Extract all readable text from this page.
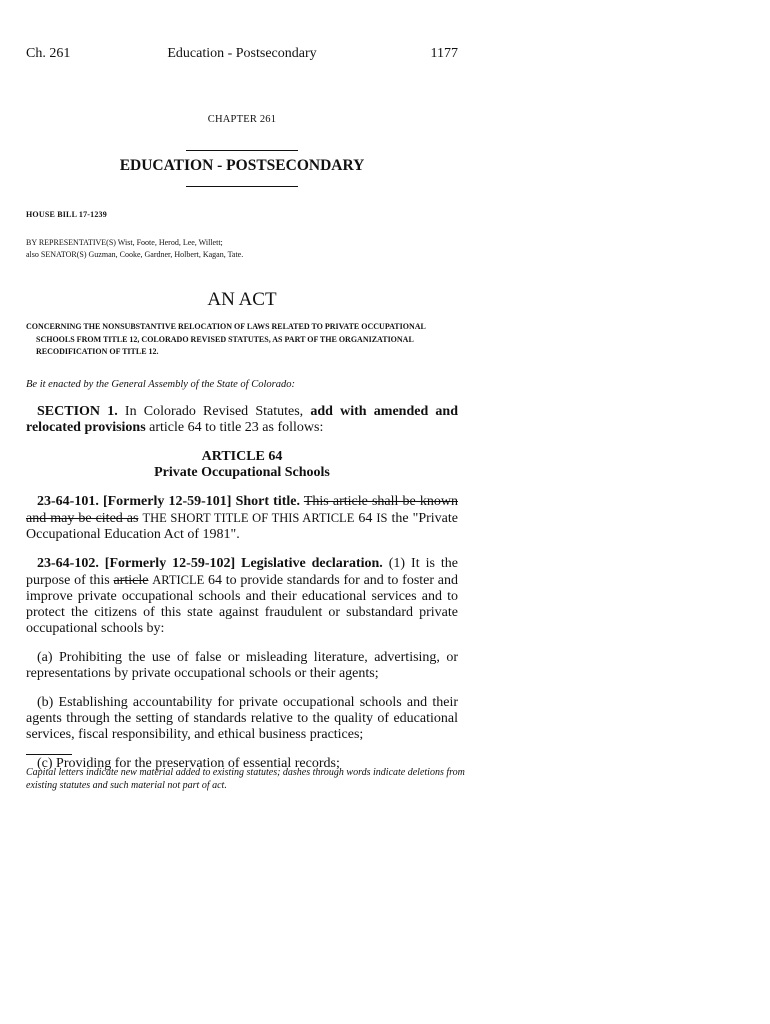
Ch. 261	Education - Postsecondary	1177
CHAPTER 261
EDUCATION - POSTSECONDARY
HOUSE BILL 17-1239
BY REPRESENTATIVE(S) Wist, Foote, Herod, Lee, Willett;
also SENATOR(S) Guzman, Cooke, Gardner, Holbert, Kagan, Tate.
AN ACT
CONCERNING THE NONSUBSTANTIVE RELOCATION OF LAWS RELATED TO PRIVATE OCCUPATIONAL
SCHOOLS FROM TITLE 12, COLORADO REVISED STATUTES, AS PART OF THE ORGANIZATIONAL
RECODIFICATION OF TITLE 12.
Be it enacted by the General Assembly of the State of Colorado:

SECTION 1. In Colorado Revised Statutes, add with amended and relocated provisions article 64 to title 23 as follows:

ARTICLE 64
Private Occupational Schools

23-64-101. [Formerly 12-59-101] Short title. This article shall be known and may be cited as THE SHORT TITLE OF THIS ARTICLE 64 IS the "Private Occupational Education Act of 1981".

23-64-102. [Formerly 12-59-102] Legislative declaration. (1) It is the purpose of this article ARTICLE 64 to provide standards for and to foster and improve private occupational schools and their educational services and to protect the citizens of this state against fraudulent or substandard private occupational schools by:

(a) Prohibiting the use of false or misleading literature, advertising, or representations by private occupational schools or their agents;

(b) Establishing accountability for private occupational schools and their agents through the setting of standards relative to the quality of educational services, fiscal responsibility, and ethical business practices;

(c) Providing for the preservation of essential records;

Capital letters indicate new material added to existing statutes; dashes through words indicate deletions from existing statutes and such material not part of act.
